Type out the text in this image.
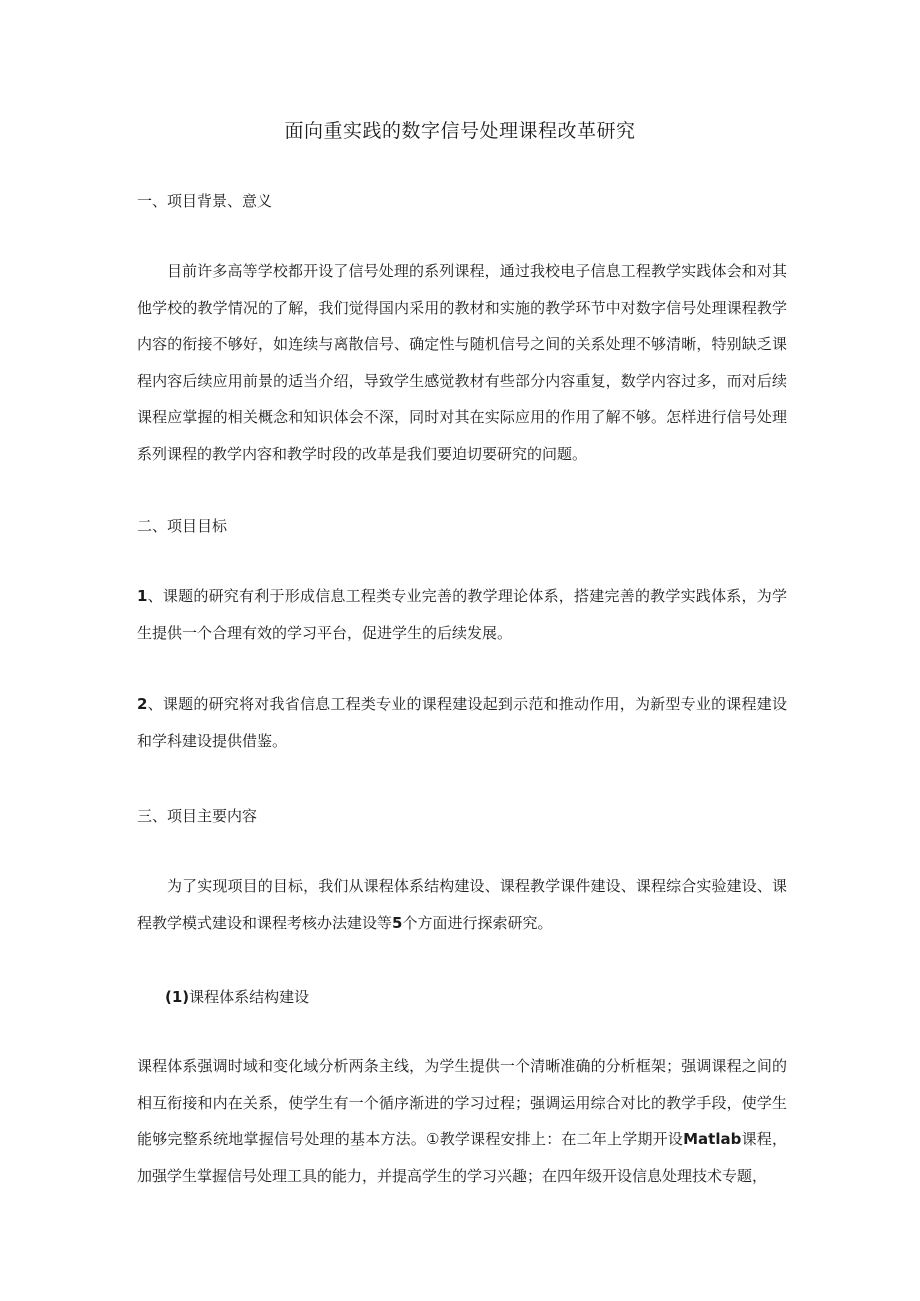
面向重实践的数字信号处理课程改革研究
一、项目背景、意义

目前许多高等学校都开设了信号处理的系列课程，通过我校电子信息工程教学实践体会和对其他学校的教学情况的了解，我们觉得国内采用的教材和实施的教学环节中对数字信号处理课程教学内容的衔接不够好，如连续与离散信号、确定性与随机信号之间的关系处理不够清晰，特别缺乏课程内容后续应用前景的适当介绍，导致学生感觉教材有些部分内容重复，数学内容过多，而对后续课程应掌握的相关概念和知识体会不深，同时对其在实际应用的作用了解不够。怎样进行信号处理系列课程的教学内容和教学时段的改革是我们要迫切要研究的问题。

二、项目目标

1、课题的研究有利于形成信息工程类专业完善的教学理论体系，搭建完善的教学实践体系，为学生提供一个合理有效的学习平台，促进学生的后续发展。

2、课题的研究将对我省信息工程类专业的课程建设起到示范和推动作用，为新型专业的课程建设和学科建设提供借鉴。

三、项目主要内容

为了实现项目的目标，我们从课程体系结构建设、课程教学课件建设、课程综合实验建设、课程教学模式建设和课程考核办法建设等5个方面进行探索研究。

(1)课程体系结构建设

课程体系强调时域和变化域分析两条主线，为学生提供一个清晰准确的分析框架；强调课程之间的相互衔接和内在关系，使学生有一个循序渐进的学习过程；强调运用综合对比的教学手段，使学生能够完整系统地掌握信号处理的基本方法。①教学课程安排上：在二年上学期开设Matlab课程，加强学生掌握信号处理工具的能力，并提高学生的学习兴趣；在四年级开设信息处理技术专题，
